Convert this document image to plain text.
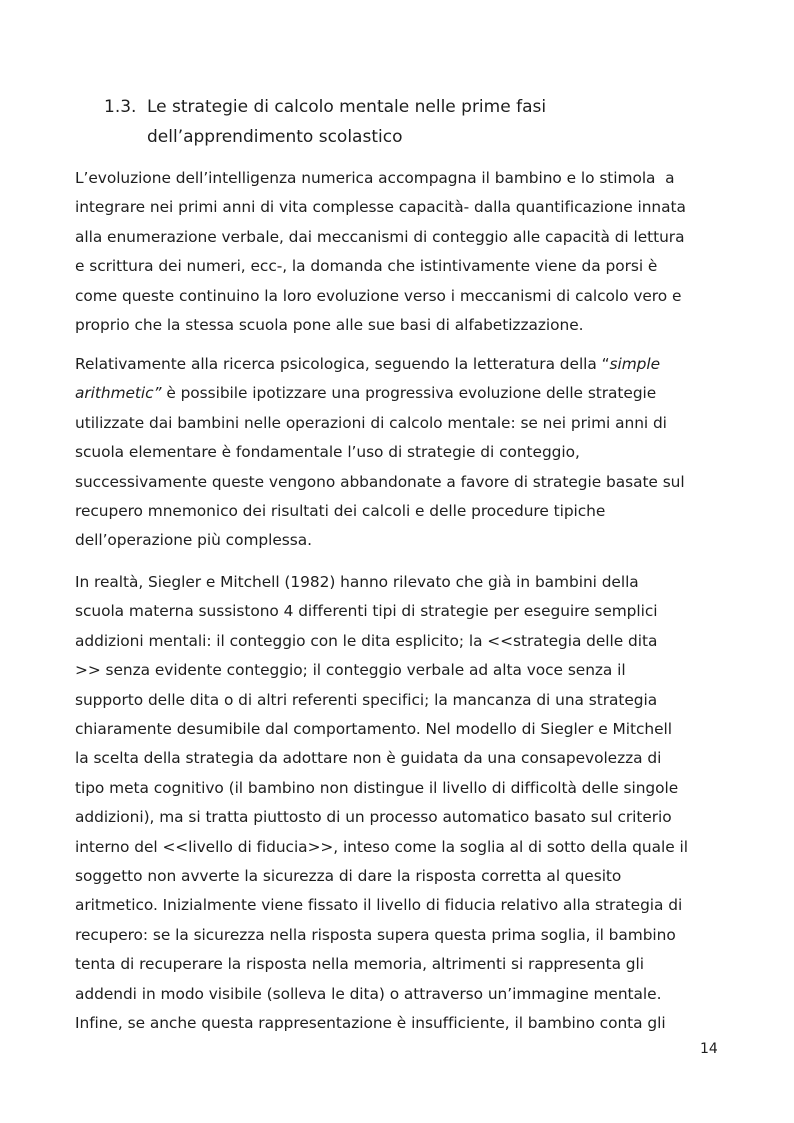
1.3. Le strategie di calcolo mentale nelle prime fasi
dell’apprendimento scolastico
L’evoluzione dell’intelligenza numerica accompagna il bambino e lo stimola  a
integrare nei primi anni di vita complesse capacità- dalla quantificazione innata
alla enumerazione verbale, dai meccanismi di conteggio alle capacità di lettura
e scrittura dei numeri, ecc-, la domanda che istintivamente viene da porsi è
come queste continuino la loro evoluzione verso i meccanismi di calcolo vero e
proprio che la stessa scuola pone alle sue basi di alfabetizzazione.
Relativamente alla ricerca psicologica, seguendo la letteratura della “simple
arithmetic” è possibile ipotizzare una progressiva evoluzione delle strategie
utilizzate dai bambini nelle operazioni di calcolo mentale: se nei primi anni di
scuola elementare è fondamentale l’uso di strategie di conteggio,
successivamente queste vengono abbandonate a favore di strategie basate sul
recupero mnemonico dei risultati dei calcoli e delle procedure tipiche
dell’operazione più complessa.
In realtà, Siegler e Mitchell (1982) hanno rilevato che già in bambini della
scuola materna sussistono 4 differenti tipi di strategie per eseguire semplici
addizioni mentali: il conteggio con le dita esplicito; la <<strategia delle dita
>> senza evidente conteggio; il conteggio verbale ad alta voce senza il
supporto delle dita o di altri referenti specifici; la mancanza di una strategia
chiaramente desumibile dal comportamento. Nel modello di Siegler e Mitchell
la scelta della strategia da adottare non è guidata da una consapevolezza di
tipo meta cognitivo (il bambino non distingue il livello di difficoltà delle singole
addizioni), ma si tratta piuttosto di un processo automatico basato sul criterio
interno del <<livello di fiducia>>, inteso come la soglia al di sotto della quale il
soggetto non avverte la sicurezza di dare la risposta corretta al quesito
aritmetico. Inizialmente viene fissato il livello di fiducia relativo alla strategia di
recupero: se la sicurezza nella risposta supera questa prima soglia, il bambino
tenta di recuperare la risposta nella memoria, altrimenti si rappresenta gli
addendi in modo visibile (solleva le dita) o attraverso un’immagine mentale.
Infine, se anche questa rappresentazione è insufficiente, il bambino conta gli
14
